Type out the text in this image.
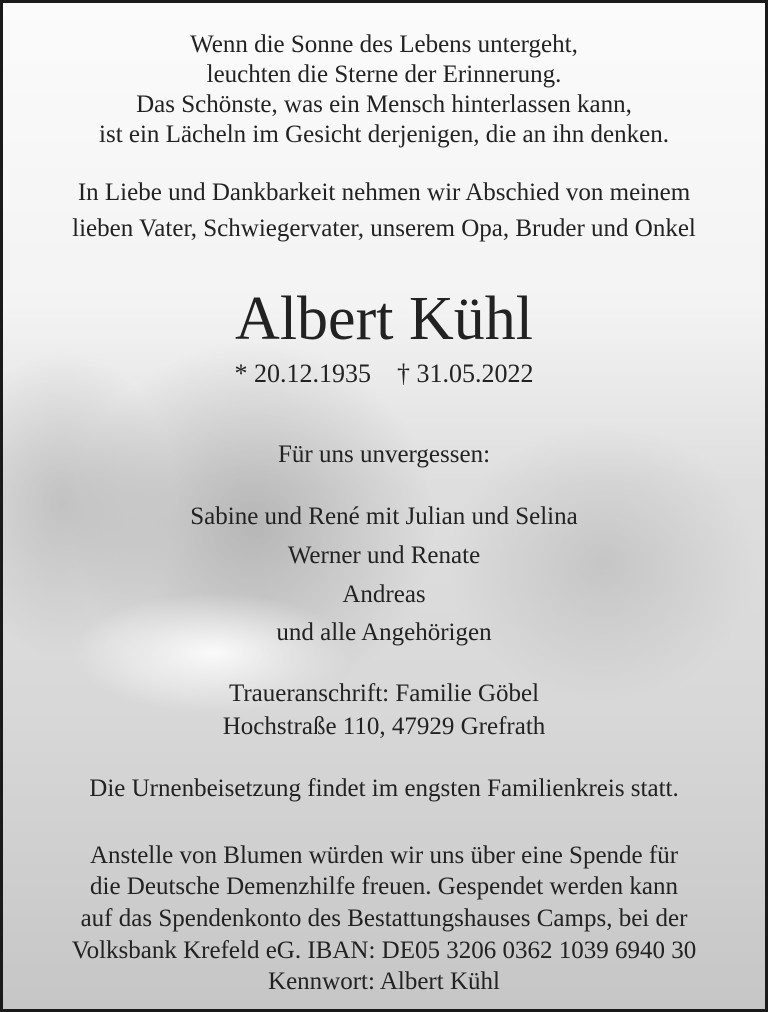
Wenn die Sonne des Lebens untergeht,
leuchten die Sterne der Erinnerung.
Das Schönste, was ein Mensch hinterlassen kann,
ist ein Lächeln im Gesicht derjenigen, die an ihn denken.
In Liebe und Dankbarkeit nehmen wir Abschied von meinem
lieben Vater, Schwiegervater, unserem Opa, Bruder und Onkel
Albert Kühl
* 20.12.1935 † 31.05.2022
Für uns unvergessen:
Sabine und René mit Julian und Selina
Werner und Renate
Andreas
und alle Angehörigen
Traueranschrift: Familie Göbel
Hochstraße 110, 47929 Grefrath
Die Urnenbeisetzung findet im engsten Familienkreis statt.
Anstelle von Blumen würden wir uns über eine Spende für
die Deutsche Demenzhilfe freuen. Gespendet werden kann
auf das Spendenkonto des Bestattungshauses Camps, bei der
Volksbank Krefeld eG. IBAN: DE05 3206 0362 1039 6940 30
Kennwort: Albert Kühl
